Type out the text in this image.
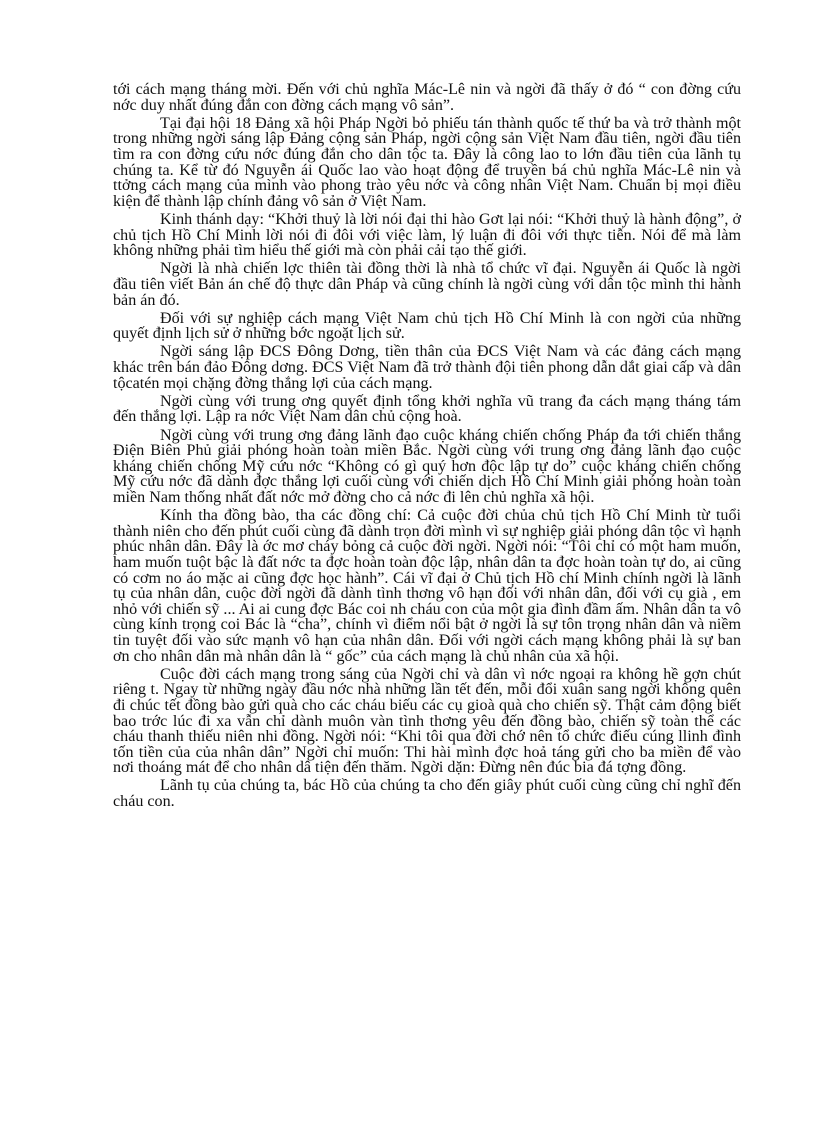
tới cách mạng tháng mời. Đến với chủ nghĩa Mác-Lê nin và ngời đã thấy ở đó “ con đờng cứu nớc duy nhất đúng đắn con đờng cách mạng vô sản”.

Tại đại hội 18 Đảng xã hội Pháp Ngời bỏ phiếu tán thành quốc tế thứ ba và trở thành một trong những ngời sáng lập Đảng cộng sản Pháp, ngời cộng sản Việt Nam đầu tiên, ngời đầu tiên tìm ra con đờng cứu nớc đúng đắn cho dân tộc ta. Đây là công lao to lớn đầu tiên của lãnh tụ chúng ta. Kể từ đó Nguyễn ái Quốc lao vào hoạt động để truyền bá chủ nghĩa Mác-Lê nin và ttởng cách mạng của mình vào phong trào yêu nớc và công nhân Việt Nam. Chuẩn bị mọi điều kiện để thành lập chính đảng vô sản ở Việt Nam.

Kinh thánh dạy: “Khởi thuỷ là lời nói đại thi hào Gơt lại nói: “Khởi thuỷ là hành động”, ở chủ tịch Hồ Chí Minh lời nói đi đôi với việc làm, lý luận đi đôi với thực tiễn. Nói để mà làm không những phải tìm hiểu thế giới mà còn phải cải tạo thế giới.

Ngời là nhà chiến lợc thiên tài đồng thời là nhà tổ chức vĩ đại. Nguyễn ái Quốc là ngời đầu tiên viết Bản án chế độ thực dân Pháp và cũng chính là ngời cùng với dân tộc mình thi hành bản án đó.

Đối với sự nghiệp cách mạng Việt Nam chủ tịch Hồ Chí Minh là con ngời của những quyết định lịch sử ở những bớc ngoặt lịch sử.

Ngời sáng lập ĐCS Đông Dơng, tiền thân của ĐCS Việt Nam và các đảng cách mạng khác trên bán đảo Đông dơng. ĐCS Việt Nam đã trở thành đội tiên phong dẫn dắt giai cấp và dân tộcatén mọi chặng đờng thắng lợi của cách mạng.

Ngời cùng với trung ơng quyết định tổng khởi nghĩa vũ trang đa cách mạng tháng tám đến thắng lợi. Lập ra nớc Việt Nam dân chủ cộng hoà.

Ngời cùng với trung ơng đảng lãnh đạo cuộc kháng chiến chống Pháp đa tới chiến thắng Điện Biên Phủ giải phóng hoàn toàn miền Bắc. Ngời cùng với trung ơng đảng lãnh đạo cuộc kháng chiến chống Mỹ cứu nớc “Không có gì quý hơn độc lập tự do” cuộc kháng chiến chống Mỹ cứu nớc đã dành đợc thắng lợi cuối cùng với chiến dịch Hồ Chí Minh giải phóng hoàn toàn miền Nam thống nhất đất nớc mở đờng cho cả nớc đi lên chủ nghĩa xã hội.

Kính tha đồng bào, tha các đồng chí: Cả cuộc đời chủa chủ tịch Hồ Chí Minh từ tuổi thành niên cho đến phút cuối cùng đã dành trọn đời mình vì sự nghiệp giải phóng dân tộc vì hạnh phúc nhân dân. Đây là ớc mơ cháy bỏng cả cuộc đời ngời. Ngời nói: “Tôi chỉ có một ham muốn, ham muốn tuột bậc là đất nớc ta đợc hoàn toàn độc lập, nhân dân ta đợc hoàn toàn tự do, ai cũng có cơm no áo mặc ai cũng đợc học hành”. Cái vĩ đại ở Chủ tịch Hồ chí Minh chính ngời là lãnh tụ của nhân dân, cuộc đời ngời đã dành tình thơng vô hạn đối với nhân dân, đối với cụ già , em nhỏ với chiến sỹ ... Ai ai cung đợc Bác coi nh cháu con của một gia đình đầm ấm. Nhân dân ta vô cùng kính trọng coi Bác là “cha”, chính vì điểm nổi bật ở ngời là sự tôn trọng nhân dân và niềm tin tuyệt đối vào sức mạnh vô hạn của nhân dân. Đối với ngời cách mạng không phải là sự ban ơn cho nhân dân mà nhân dân là “ gốc” của cách mạng là chủ nhân của xã hội.

Cuộc đời cách mạng trong sáng của Ngời chỉ và dân vì nớc ngoại ra không hề gợn chút riêng t. Ngay từ những ngày đầu nớc nhà những lần tết đến, mỗi đổi xuân sang ngời không quên đi chúc tết đồng bào gửi quà cho các cháu biếu các cụ gioà quà cho chiến sỹ. Thật cảm động biết bao trớc lúc đi xa vẫn chỉ dành muôn vàn tình thơng yêu đến đồng bào, chiến sỹ toàn thể các cháu thanh thiếu niên nhi đồng. Ngời nói: “Khi tôi qua đời chớ nên tổ chức điếu cúng llinh đình tốn tiền của của nhân dân” Ngời chỉ muốn: Thi hài mình đợc hoả táng gửi cho ba miền để vào nơi thoáng mát để cho nhân dâ tiện đến thăm. Ngời dặn: Đừng nên đúc bia đá tợng đồng.

Lãnh tụ của chúng ta, bác Hồ của chúng ta cho đến giây phút cuối cùng cũng chỉ nghĩ đến cháu con.
